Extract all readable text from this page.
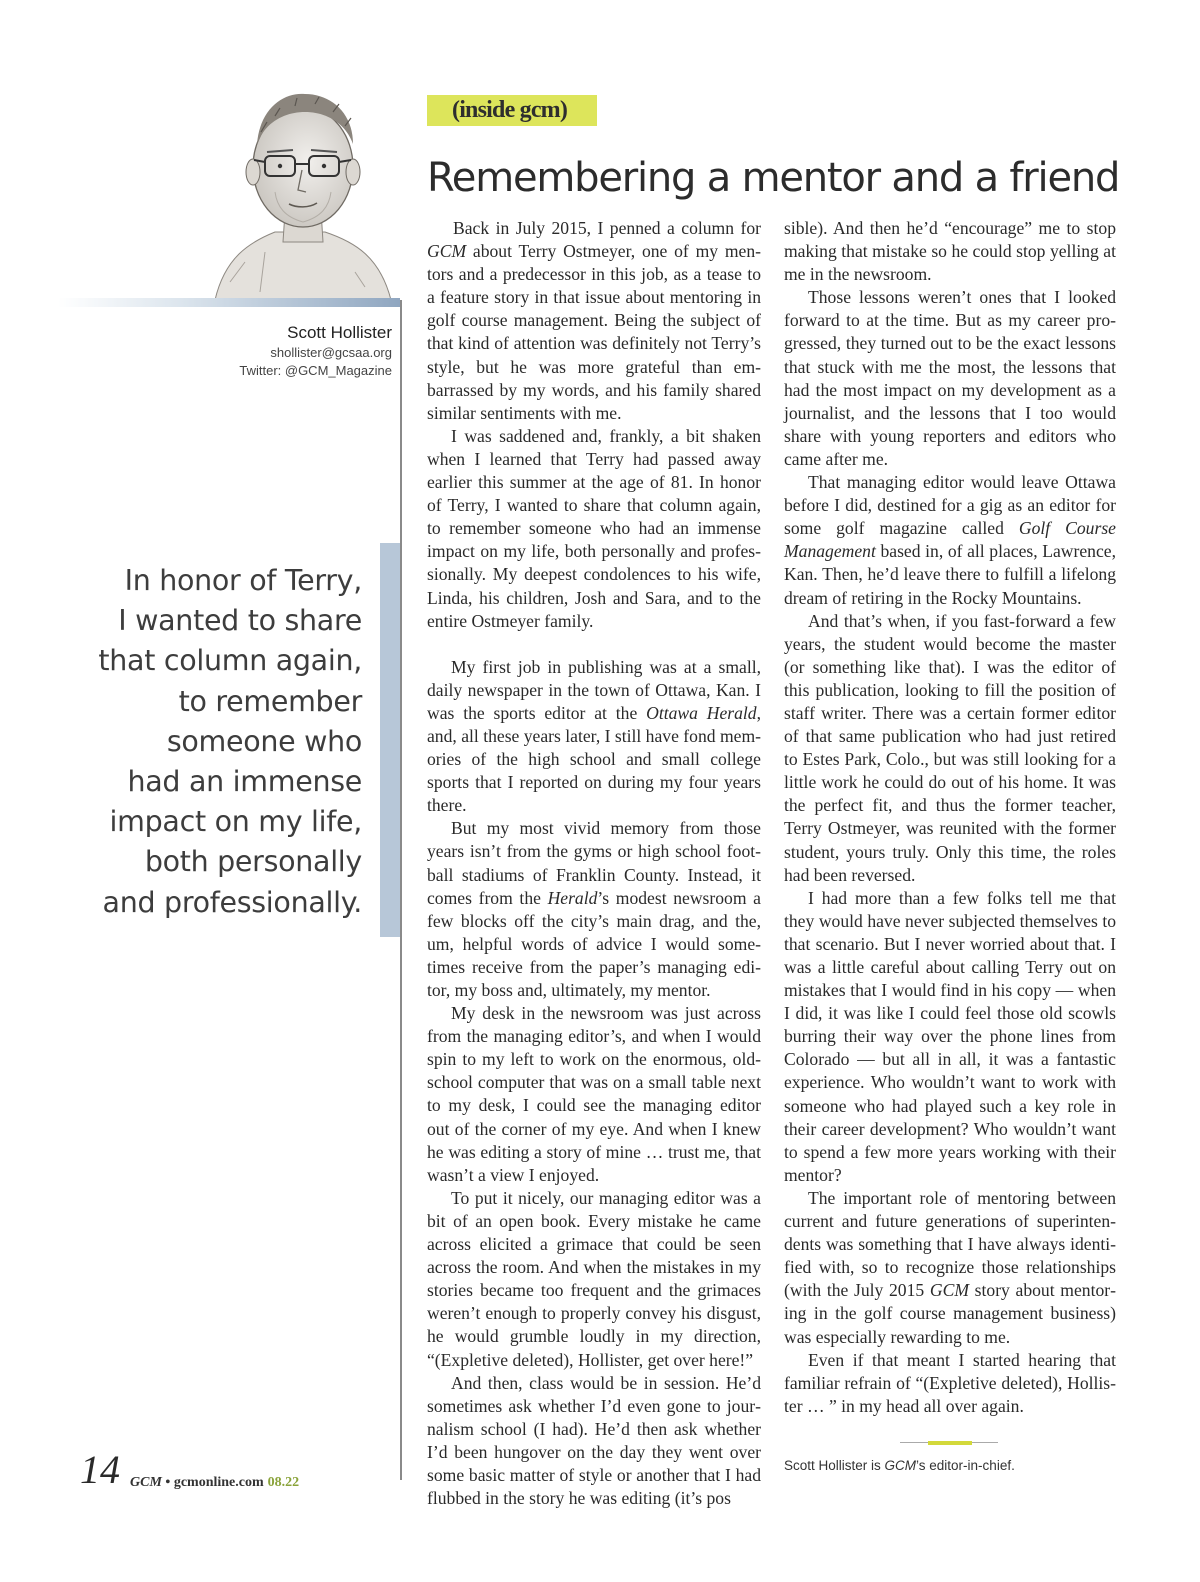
Scott Hollister
shollister@gcsaa.org
Twitter: @GCM_Magazine
In honor of Terry,
I wanted to share
that column again,
to remember
someone who
had an immense
impact on my life,
both personally
and professionally.
(inside gcm)
Remembering a mentor and a friend

Back in July 2015, I penned a column for GCM about Terry Ostmeyer, one of my mentors and a predecessor in this job, as a tease to a feature story in that issue about mentoring in golf course management. Being the subject of that kind of attention was definitely not Terry’s style, but he was more grateful than embarrassed by my words, and his family shared similar sentiments with me.

I was saddened and, frankly, a bit shaken when I learned that Terry had passed away earlier this summer at the age of 81. In honor of Terry, I wanted to share that column again, to remember someone who had an immense impact on my life, both personally and professionally. My deepest condolences to his wife, Linda, his children, Josh and Sara, and to the entire Ostmeyer family.

My first job in publishing was at a small, daily newspaper in the town of Ottawa, Kan. I was the sports editor at the Ottawa Herald, and, all these years later, I still have fond memories of the high school and small college sports that I reported on during my four years there.

But my most vivid memory from those years isn’t from the gyms or high school football stadiums of Franklin County. Instead, it comes from the Herald’s modest newsroom a few blocks off the city’s main drag, and the, um, helpful words of advice I would sometimes receive from the paper’s managing editor, my boss and, ultimately, my mentor.

My desk in the newsroom was just across from the managing editor’s, and when I would spin to my left to work on the enormous, old-school computer that was on a small table next to my desk, I could see the managing editor out of the corner of my eye. And when I knew he was editing a story of mine … trust me, that wasn’t a view I enjoyed.

To put it nicely, our managing editor was a bit of an open book. Every mistake he came across elicited a grimace that could be seen across the room. And when the mistakes in my stories became too frequent and the grimaces weren’t enough to properly convey his disgust, he would grumble loudly in my direction, “(Expletive deleted), Hollister, get over here!”

And then, class would be in session. He’d sometimes ask whether I’d even gone to journalism school (I had). He’d then ask whether I’d been hungover on the day they went over some basic matter of style or another that I had flubbed in the story he was editing (it’s pos

sible). And then he’d “encourage” me to stop making that mistake so he could stop yelling at me in the newsroom.

Those lessons weren’t ones that I looked forward to at the time. But as my career progressed, they turned out to be the exact lessons that stuck with me the most, the lessons that had the most impact on my development as a journalist, and the lessons that I too would share with young reporters and editors who came after me.

That managing editor would leave Ottawa before I did, destined for a gig as an editor for some golf magazine called Golf Course Management based in, of all places, Lawrence, Kan. Then, he’d leave there to fulfill a lifelong dream of retiring in the Rocky Mountains.

And that’s when, if you fast-forward a few years, the student would become the master (or something like that). I was the editor of this publication, looking to fill the position of staff writer. There was a certain former editor of that same publication who had just retired to Estes Park, Colo., but was still looking for a little work he could do out of his home. It was the perfect fit, and thus the former teacher, Terry Ostmeyer, was reunited with the former student, yours truly. Only this time, the roles had been reversed.

I had more than a few folks tell me that they would have never subjected themselves to that scenario. But I never worried about that. I was a little careful about calling Terry out on mistakes that I would find in his copy — when I did, it was like I could feel those old scowls burring their way over the phone lines from Colorado — but all in all, it was a fantastic experience. Who wouldn’t want to work with someone who had played such a key role in their career development? Who wouldn’t want to spend a few more years working with their mentor?

The important role of mentoring between current and future generations of superintendents was something that I have always identified with, so to recognize those relationships (with the July 2015 GCM story about mentoring in the golf course management business) was especially rewarding to me.

Even if that meant I started hearing that familiar refrain of “(Expletive deleted), Hollister … ” in my head all over again.

Scott Hollister is GCM’s editor-in-chief.
14 GCM • gcmonline.com 08.22
